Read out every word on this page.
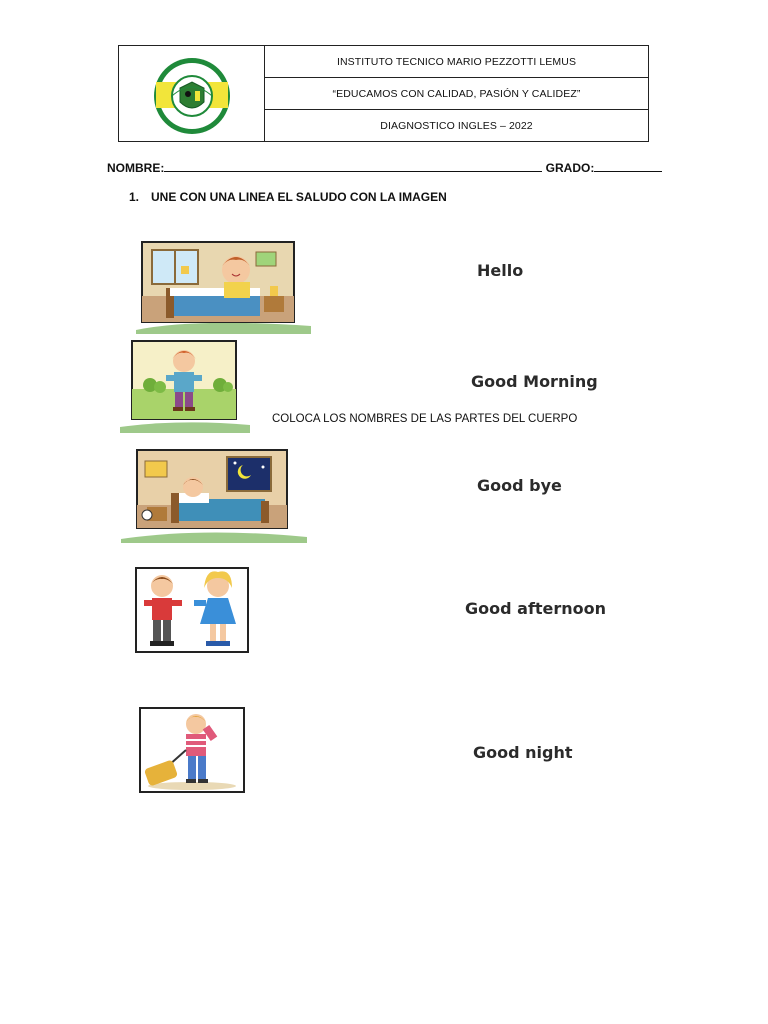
INSTITUTO TECNICO MARIO PEZZOTTI LEMUS
“EDUCAMOS CON CALIDAD, PASIÓN Y CALIDEZ”
DIAGNOSTICO INGLES – 2022
NOMBRE:	GRADO:
1. UNE CON UNA LINEA EL SALUDO CON LA IMAGEN
Hello
Good Morning
COLOCA LOS NOMBRES DE LAS PARTES DEL CUERPO
Good bye
Good afternoon
Good night
